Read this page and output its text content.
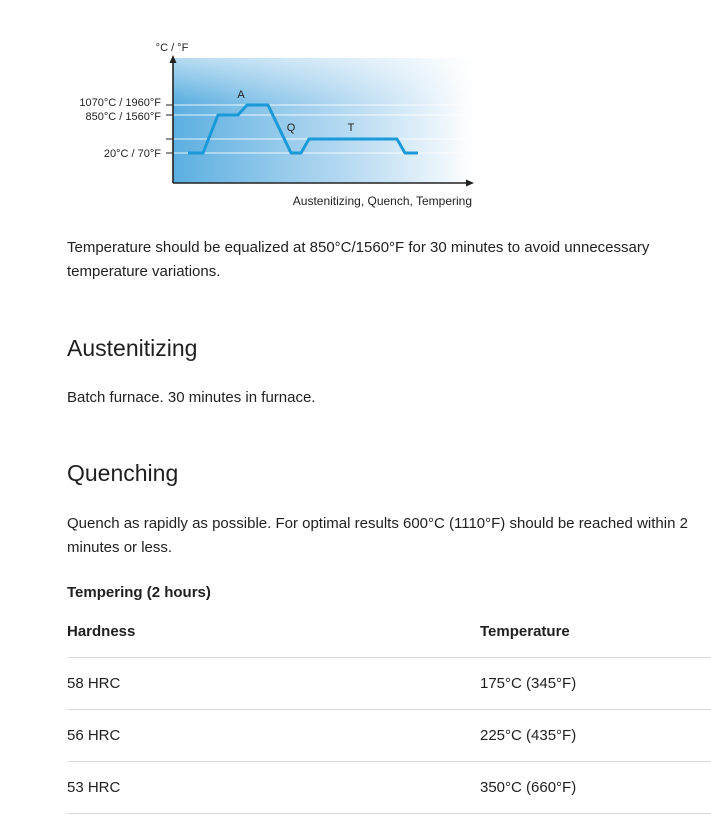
°C / °F
1070°C / 1960°F
850°C / 1560°F
20°C / 70°F
A
Q	T
Austenitizing, Quench, Tempering

Temperature should be equalized at 850°C/1560°F for 30 minutes to avoid unnecessary temperature variations.

Austenitizing

Batch furnace. 30 minutes in furnace.

Quenching

Quench as rapidly as possible. For optimal results 600°C (1110°F) should be reached within 2 minutes or less.

Tempering (2 hours)
Hardness	Temperature
58 HRC	175°C (345°F)
56 HRC	225°C (435°F)
53 HRC	350°C (660°F)
